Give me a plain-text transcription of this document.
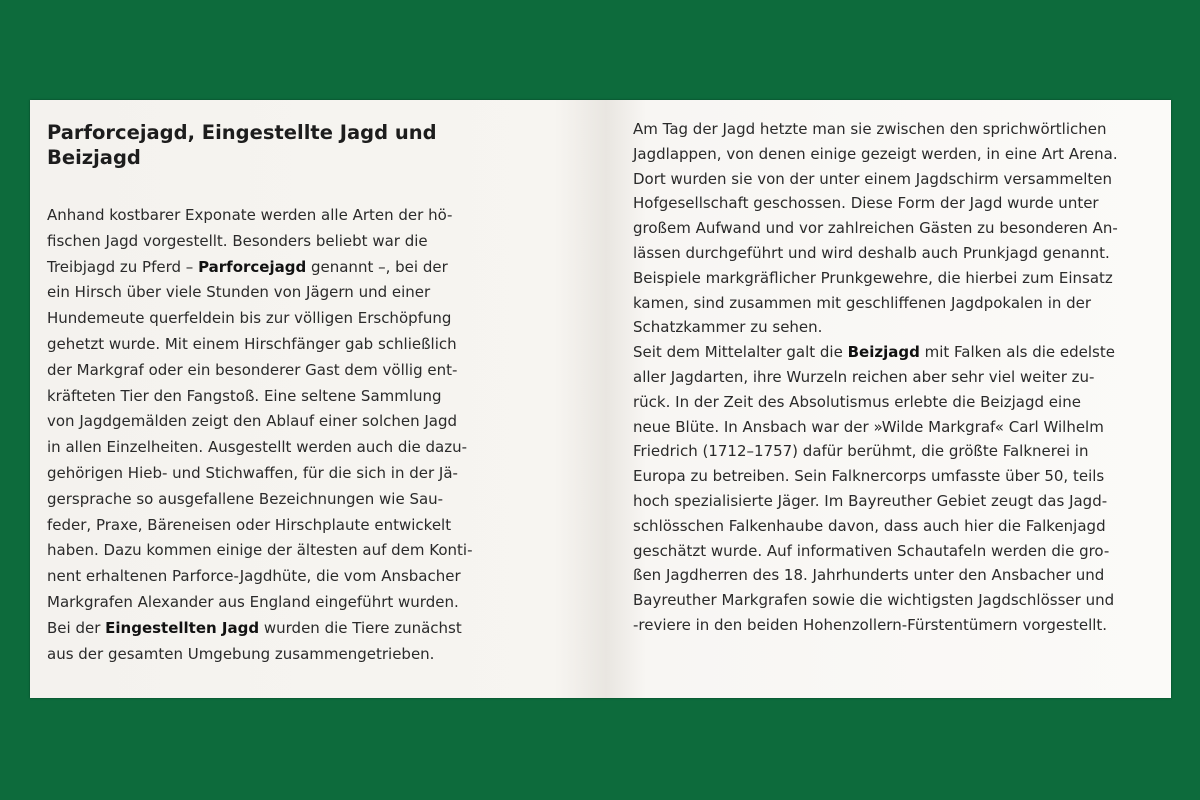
Parforcejagd, Eingestellte Jagd und
Beizjagd
Anhand kostbarer Exponate werden alle Arten der hö-
fischen Jagd vorgestellt. Besonders beliebt war die
Treibjagd zu Pferd – Parforcejagd genannt –, bei der
ein Hirsch über viele Stunden von Jägern und einer
Hundemeute querfeldein bis zur völligen Erschöpfung
gehetzt wurde. Mit einem Hirschfänger gab schließlich
der Markgraf oder ein besonderer Gast dem völlig ent-
kräfteten Tier den Fangstoß. Eine seltene Sammlung
von Jagdgemälden zeigt den Ablauf einer solchen Jagd
in allen Einzelheiten. Ausgestellt werden auch die dazu-
gehörigen Hieb- und Stichwaffen, für die sich in der Jä-
gersprache so ausgefallene Bezeichnungen wie Sau-
feder, Praxe, Bäreneisen oder Hirschplaute entwickelt
haben. Dazu kommen einige der ältesten auf dem Konti-
nent erhaltenen Parforce-Jagdhüte, die vom Ansbacher
Markgrafen Alexander aus England eingeführt wurden.
Bei der Eingestellten Jagd wurden die Tiere zunächst
aus der gesamten Umgebung zusammengetrieben.
Am Tag der Jagd hetzte man sie zwischen den sprichwörtlichen
Jagdlappen, von denen einige gezeigt werden, in eine Art Arena.
Dort wurden sie von der unter einem Jagdschirm versammelten
Hofgesellschaft geschossen. Diese Form der Jagd wurde unter
großem Aufwand und vor zahlreichen Gästen zu besonderen An-
lässen durchgeführt und wird deshalb auch Prunkjagd genannt.
Beispiele markgräflicher Prunkgewehre, die hierbei zum Einsatz
kamen, sind zusammen mit geschliffenen Jagdpokalen in der
Schatzkammer zu sehen.
Seit dem Mittelalter galt die Beizjagd mit Falken als die edelste
aller Jagdarten, ihre Wurzeln reichen aber sehr viel weiter zu-
rück. In der Zeit des Absolutismus erlebte die Beizjagd eine
neue Blüte. In Ansbach war der »Wilde Markgraf« Carl Wilhelm
Friedrich (1712–1757) dafür berühmt, die größte Falknerei in
Europa zu betreiben. Sein Falknercorps umfasste über 50, teils
hoch spezialisierte Jäger. Im Bayreuther Gebiet zeugt das Jagd-
schlösschen Falkenhaube davon, dass auch hier die Falkenjagd
geschätzt wurde. Auf informativen Schautafeln werden die gro-
ßen Jagdherren des 18. Jahrhunderts unter den Ansbacher und
Bayreuther Markgrafen sowie die wichtigsten Jagdschlösser und
-reviere in den beiden Hohenzollern-Fürstentümern vorgestellt.
